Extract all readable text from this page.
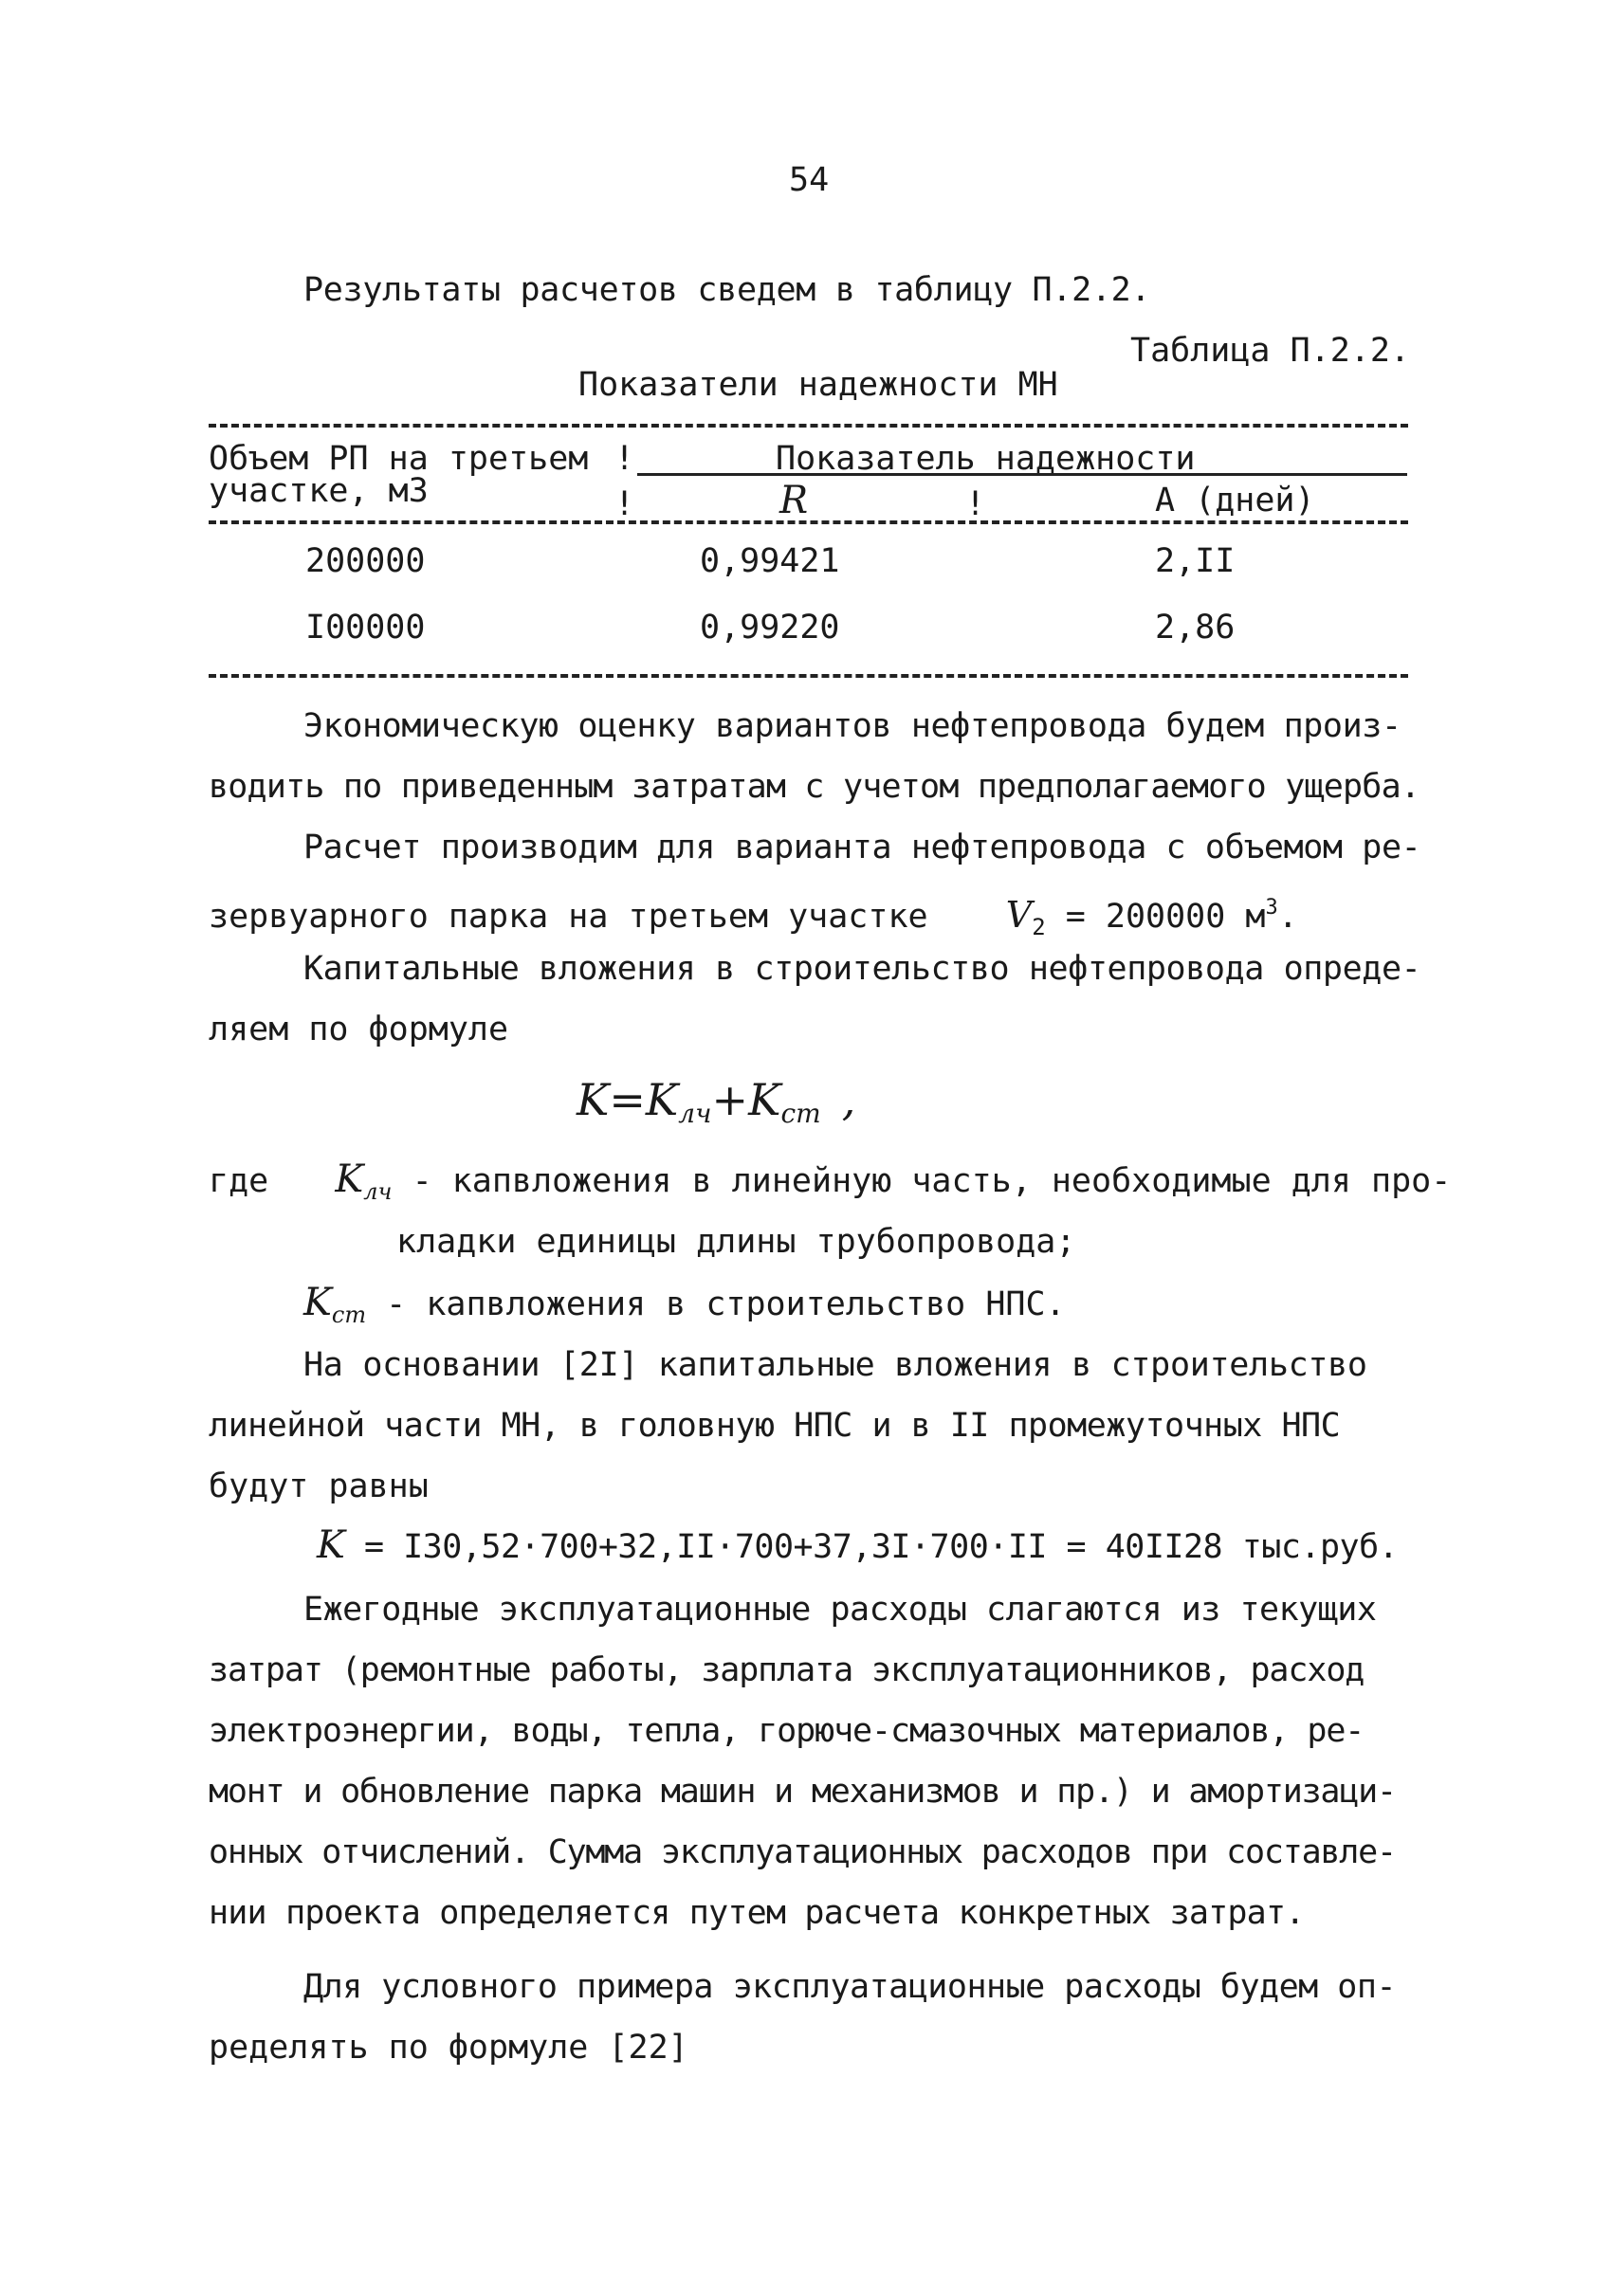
54
Результаты расчетов сведем в таблицу П.2.2.
Таблица П.2.2.
Показатели надежности МН
Объем РП на третьем
участке, м3
!	Показатель надежности
!	R	!	A (дней)
200000	0,99421	2,II
I00000	0,99220	2,86
Экономическую оценку вариантов нефтепровода будем произ-
водить по приведенным затратам с учетом предполагаемого ущерба.
Расчет производим для варианта нефтепровода с объемом ре-
зервуарного парка на третьем участке $V_2 = 200000$ $м^3$.
Капитальные вложения в строительство нефтепровода опреде-
ляем по формуле
$K=K_{лч}+K_{ст}$ ,
где $K_{лч}$ - капвложения в линейную часть, необходимые для про-
кладки единицы длины трубопровода;
$K_{ст}$ - капвложения в строительство НПС.
На основании [2I] капитальные вложения в строительство
линейной части МН, в головную НПС и в II промежуточных НПС
будут равны
K = I30,52·700+32,II·700+37,3I·700·II = 40II28 тыс.руб.
Ежегодные эксплуатационные расходы слагаются из текущих
затрат (ремонтные работы, зарплата эксплуатационников, расход
электроэнергии, воды, тепла, горюче-смазочных материалов, ре-
монт и обновление парка машин и механизмов и пр.) и амортизаци-
онных отчислений. Сумма эксплуатационных расходов при составле-
нии проекта определяется путем расчета конкретных затрат.
Для условного примера эксплуатационные расходы будем оп-
ределять по формуле [22]
